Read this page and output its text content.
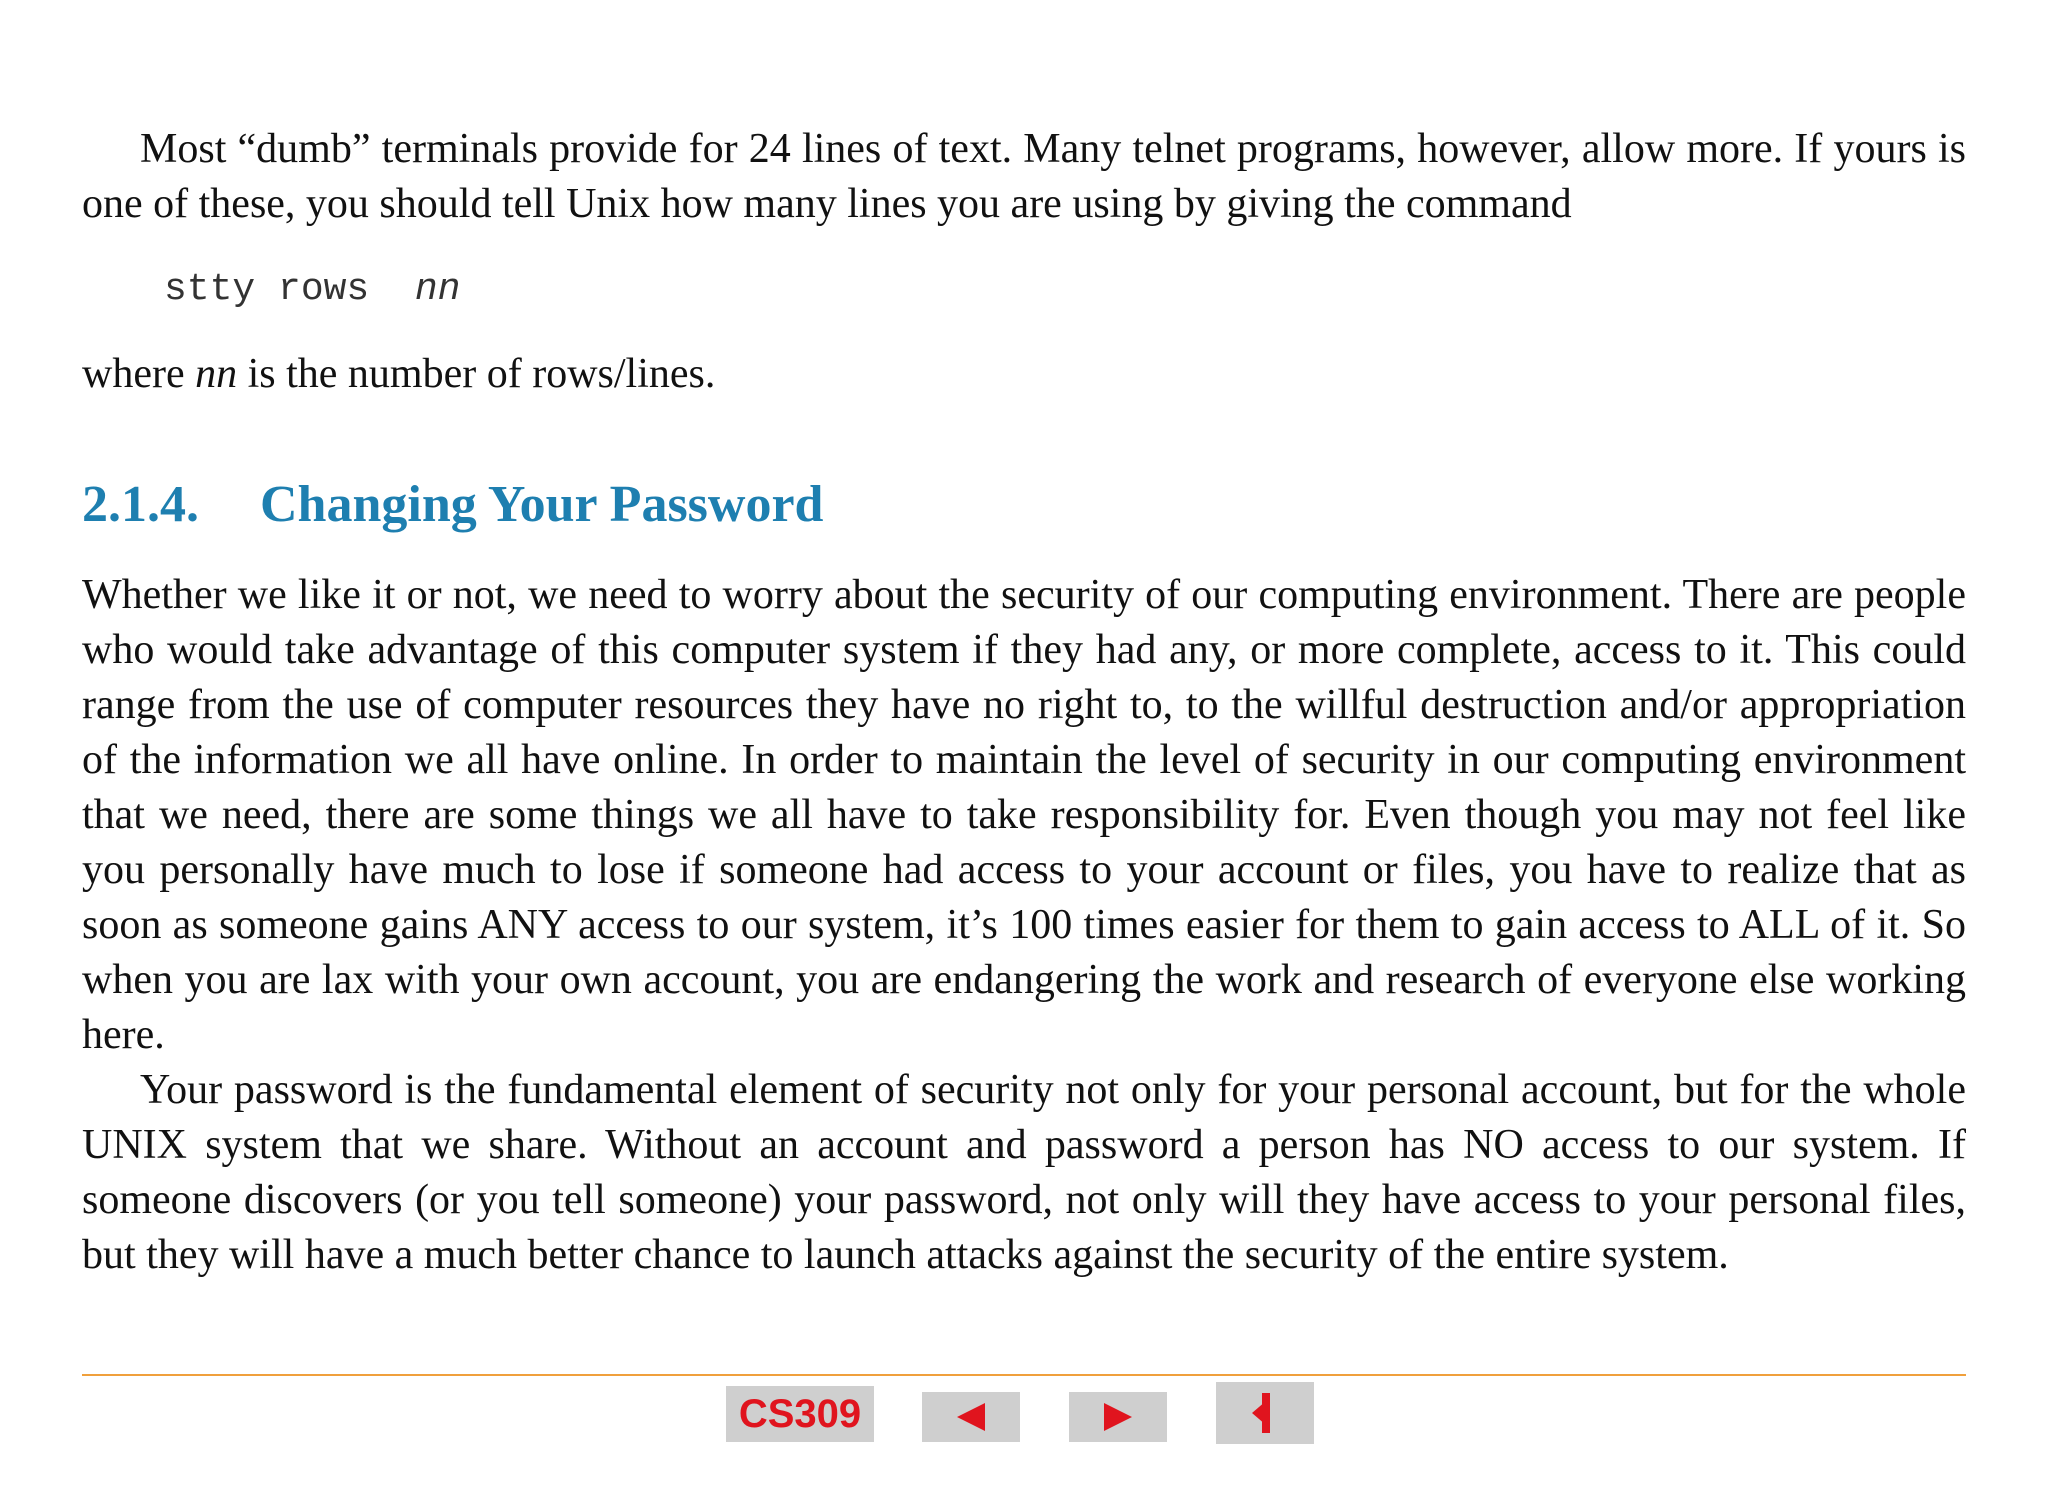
Most “dumb” terminals provide for 24 lines of text. Many telnet programs, however, allow more. If yours is one of these, you should tell Unix how many lines you are using by giving the command

stty rows  nn

where nn is the number of rows/lines.

2.1.4. Changing Your Password

Whether we like it or not, we need to worry about the security of our computing environment. There are people who would take advantage of this computer system if they had any, or more complete, access to it. This could range from the use of computer resources they have no right to, to the willful destruction and/or appropriation of the information we all have online. In order to maintain the level of security in our computing environment that we need, there are some things we all have to take responsibility for. Even though you may not feel like you personally have much to lose if someone had access to your account or files, you have to realize that as soon as someone gains ANY access to our system, it’s 100 times easier for them to gain access to ALL of it. So when you are lax with your own account, you are endangering the work and research of everyone else working here.

Your password is the fundamental element of security not only for your personal account, but for the whole UNIX system that we share. Without an account and password a person has NO access to our system. If someone discovers (or you tell someone) your password, not only will they have access to your personal files, but they will have a much better chance to launch attacks against the security of the entire system.

CS309
